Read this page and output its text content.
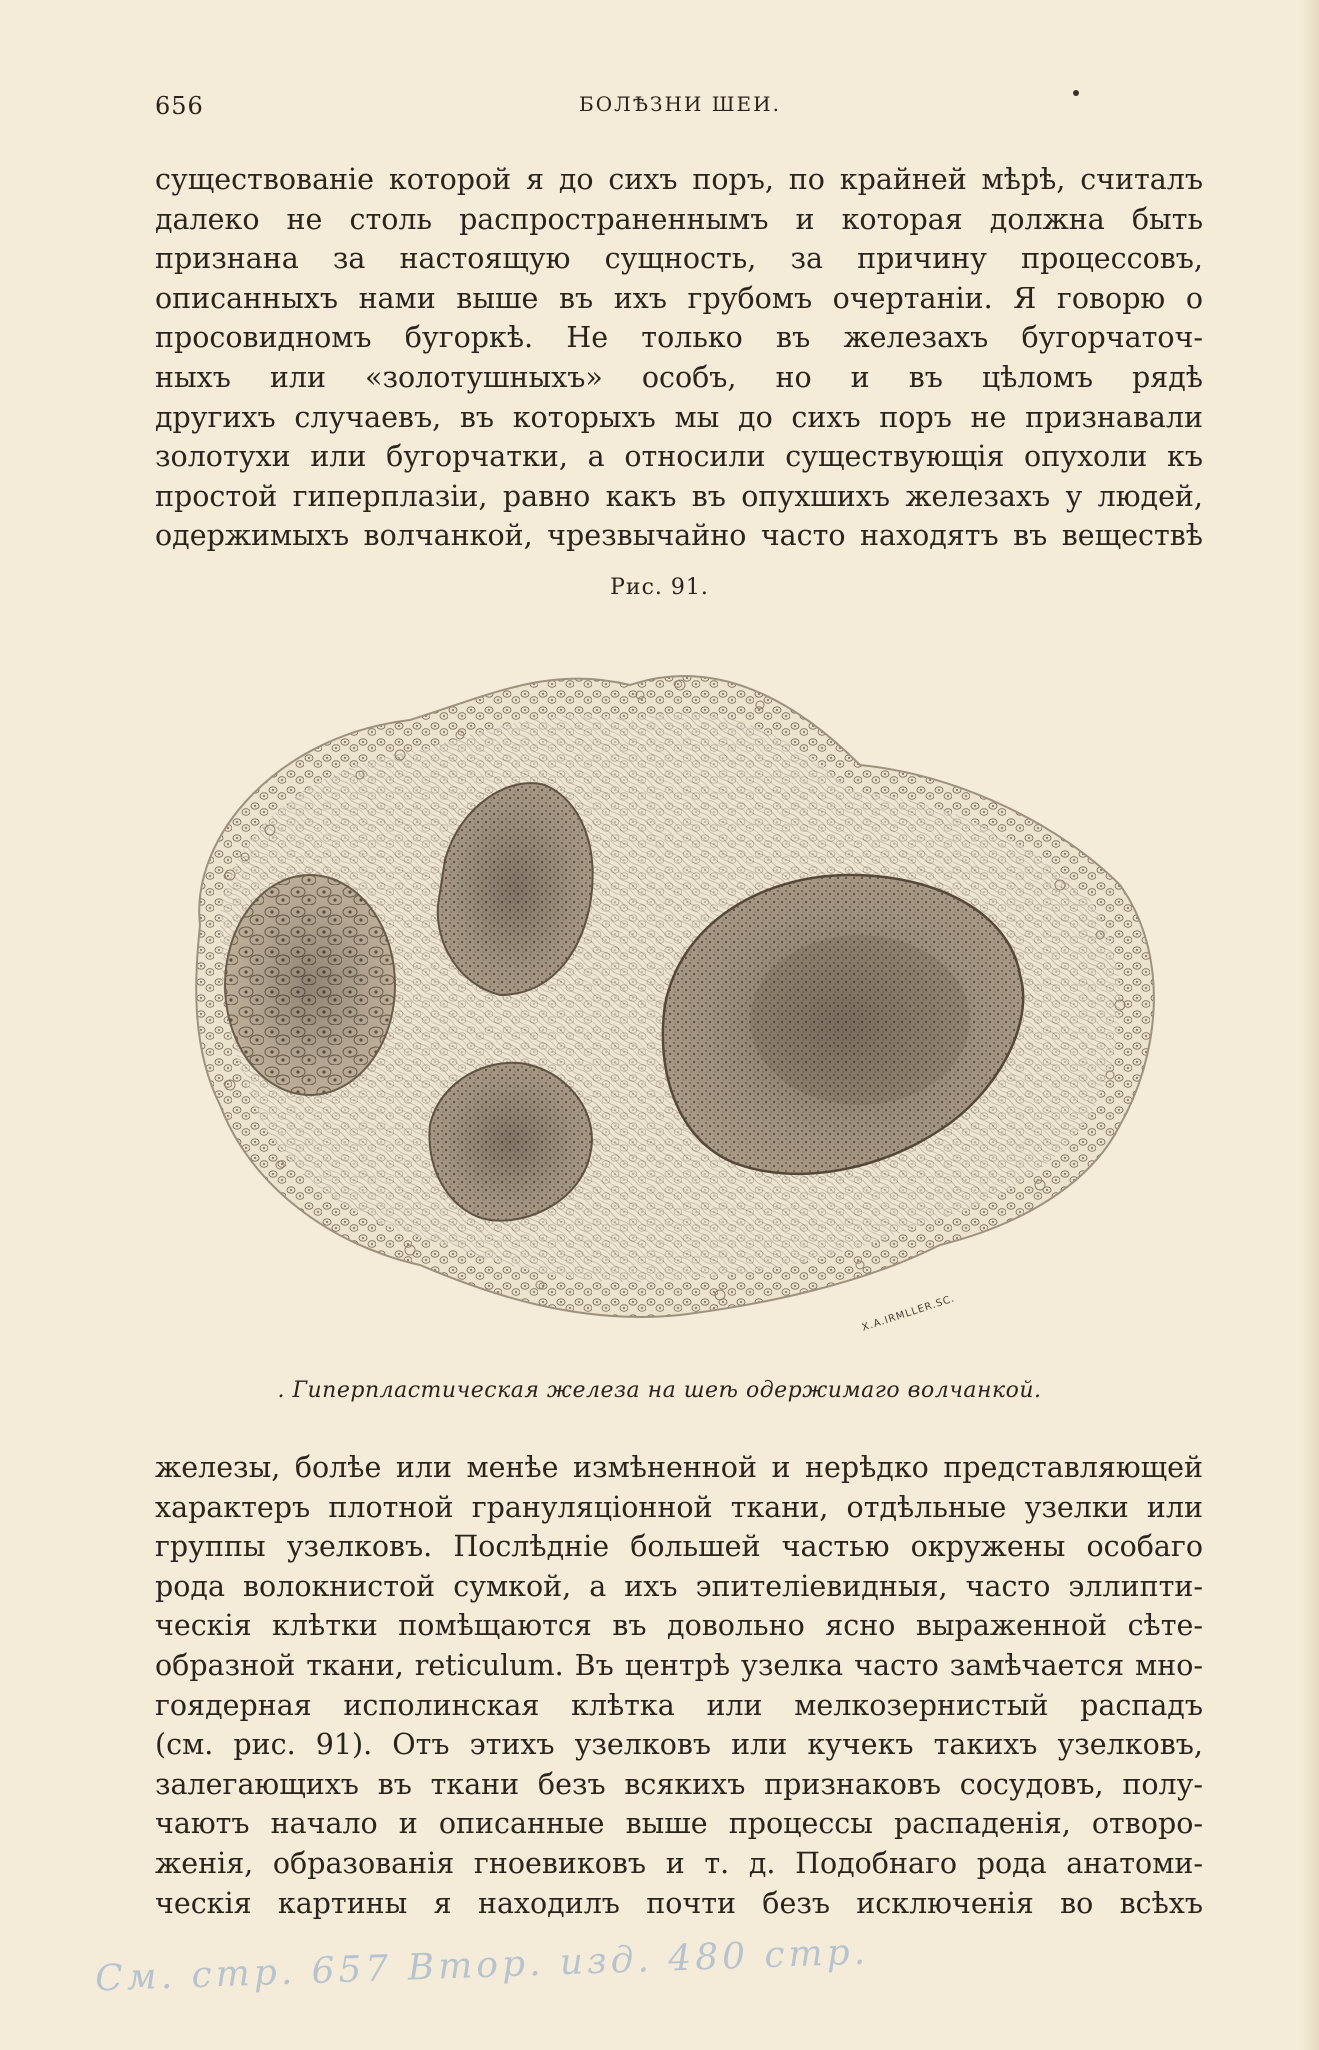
656	БОЛѢЗНИ ШЕИ.
существованіе которой я до сихъ поръ, по крайней мѣрѣ, считалъ
далеко не столь распространеннымъ и которая должна быть
признана за настоящую сущность, за причину процессовъ,
описанныхъ нами выше въ ихъ грубомъ очертаніи. Я говорю о
просовидномъ бугоркѣ. Не только въ железахъ бугорчаточ-
ныхъ или «золотушныхъ» особъ, но и въ цѣломъ рядѣ
другихъ случаевъ, въ которыхъ мы до сихъ поръ не признавали
золотухи или бугорчатки, а относили существующія опухоли къ
простой гиперплазіи, равно какъ въ опухшихъ железахъ у людей,
одержимыхъ волчанкой, чрезвычайно часто находятъ въ веществѣ
Рис. 91.
X.A.IRMLLER.SC.
. Гиперпластическая железа на шеѣ одержимаго волчанкой.
железы, болѣе или менѣе измѣненной и нерѣдко представляющей
характеръ плотной грануляціонной ткани, отдѣльные узелки или
группы узелковъ. Послѣдніе большей частью окружены особаго
рода волокнистой сумкой, а ихъ эпителіевидныя, часто эллипти-
ческія клѣтки помѣщаются въ довольно ясно выраженной сѣте-
образной ткани, reticulum. Въ центрѣ узелка часто замѣчается мно-
гоядерная исполинская клѣтка или мелкозернистый распадъ
(см. рис. 91). Отъ этихъ узелковъ или кучекъ такихъ узелковъ,
залегающихъ въ ткани безъ всякихъ признаковъ сосудовъ, полу-
чаютъ начало и описанные выше процессы распаденія, отворо-
женія, образованія гноевиковъ и т. д. Подобнаго рода анатоми-
ческія картины я находилъ почти безъ исключенія во всѣхъ
См. стр. 657 Втор. изд. 480 стр.
